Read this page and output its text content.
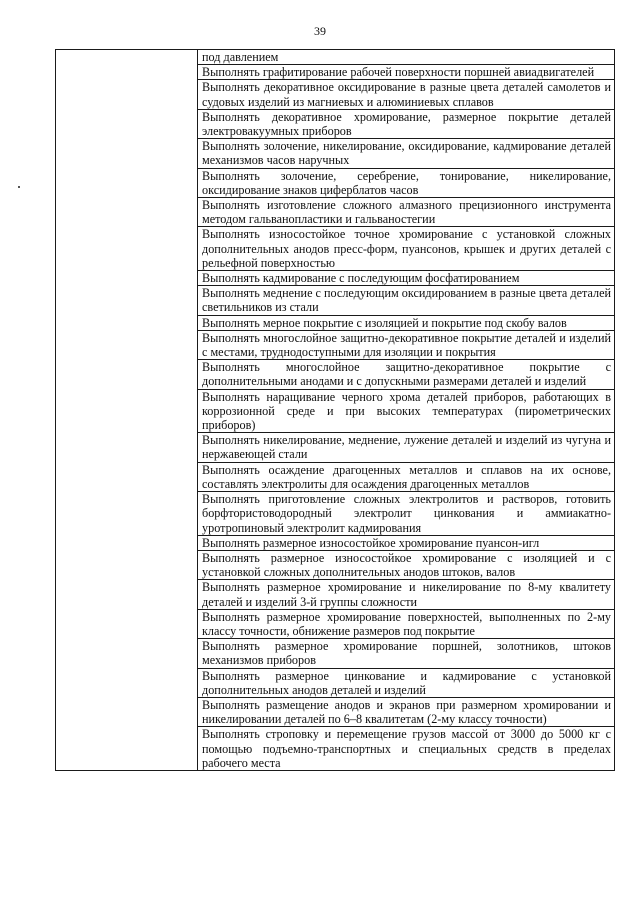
39

под давлением
Выполнять графитирование рабочей поверхности поршней авиадвигателей
Выполнять декоративное оксидирование в разные цвета деталей самолетов и судовых изделий из магниевых и алюминиевых сплавов
Выполнять декоративное хромирование, размерное покрытие деталей электровакуумных приборов
Выполнять золочение, никелирование, оксидирование, кадмирование деталей механизмов часов наручных
Выполнять золочение, серебрение, тонирование, никелирование, оксидирование знаков циферблатов часов
Выполнять изготовление сложного алмазного прецизионного инструмента методом гальванопластики и гальваностегии
Выполнять износостойкое точное хромирование с установкой сложных дополнительных анодов пресс-форм, пуансонов, крышек и других деталей с рельефной поверхностью
Выполнять кадмирование с последующим фосфатированием
Выполнять меднение с последующим оксидированием в разные цвета деталей светильников из стали
Выполнять мерное покрытие с изоляцией и покрытие под скобу валов
Выполнять многослойное защитно-декоративное покрытие деталей и изделий с местами, труднодоступными для изоляции и покрытия
Выполнять многослойное защитно-декоративное покрытие с дополнительными анодами и с допускными размерами деталей и изделий
Выполнять наращивание черного хрома деталей приборов, работающих в коррозионной среде и при высоких температурах (пирометрических приборов)
Выполнять никелирование, меднение, лужение деталей и изделий из чугуна и нержавеющей стали
Выполнять осаждение драгоценных металлов и сплавов на их основе, составлять электролиты для осаждения драгоценных металлов
Выполнять приготовление сложных электролитов и растворов, готовить борфтористоводородный электролит цинкования и аммиакатно-уротропиновый электролит кадмирования
Выполнять размерное износостойкое хромирование пуансон-игл
Выполнять размерное износостойкое хромирование с изоляцией и с установкой сложных дополнительных анодов штоков, валов
Выполнять размерное хромирование и никелирование по 8-му квалитету деталей и изделий 3-й группы сложности
Выполнять размерное хромирование поверхностей, выполненных по 2-му классу точности, обнижение размеров под покрытие
Выполнять размерное хромирование поршней, золотников, штоков механизмов приборов
Выполнять размерное цинкование и кадмирование с установкой дополнительных анодов деталей и изделий
Выполнять размещение анодов и экранов при размерном хромировании и никелировании деталей по 6–8 квалитетам (2-му классу точности)
Выполнять строповку и перемещение грузов массой от 3000 до 5000 кг с помощью подъемно-транспортных и специальных средств в пределах рабочего места
